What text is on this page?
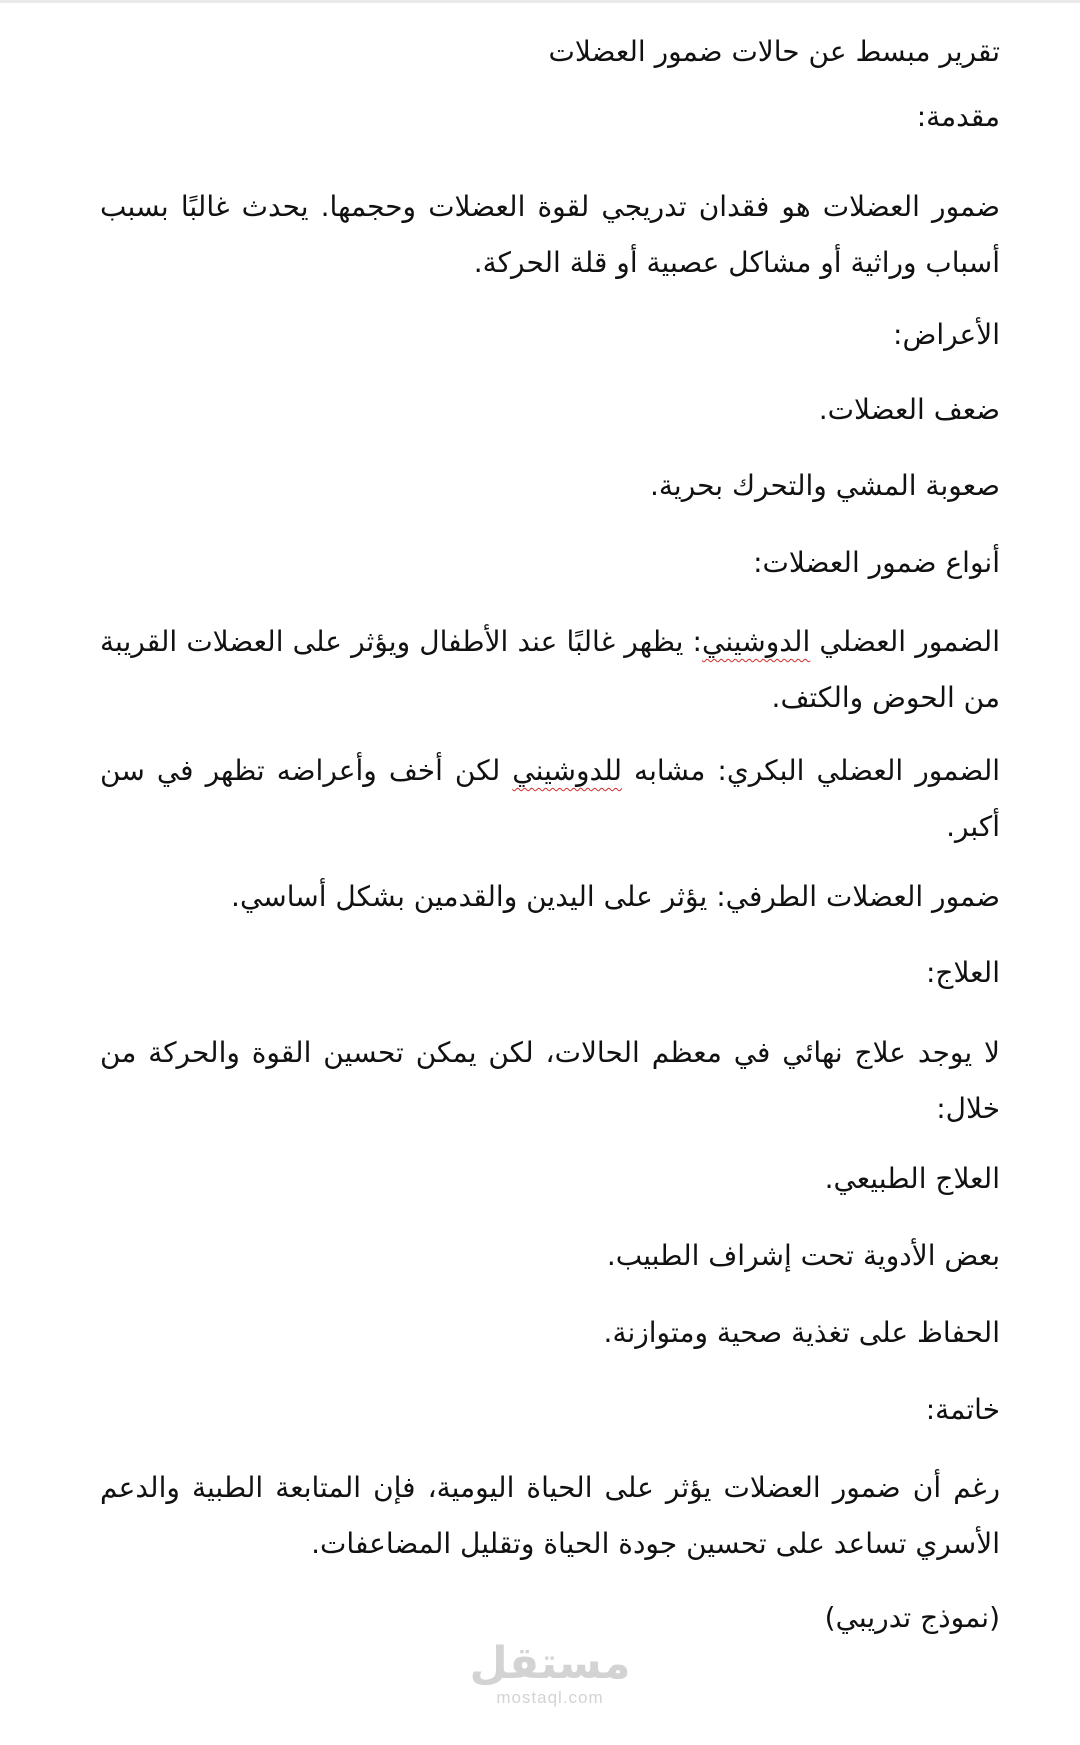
تقرير مبسط عن حالات ضمور العضلات
مقدمة:
ضمور العضلات هو فقدان تدريجي لقوة العضلات وحجمها. يحدث غالبًا بسبب أسباب وراثية أو مشاكل عصبية أو قلة الحركة.
الأعراض:
ضعف العضلات.
صعوبة المشي والتحرك بحرية.
أنواع ضمور العضلات:
الضمور العضلي الدوشيني: يظهر غالبًا عند الأطفال ويؤثر على العضلات القريبة من الحوض والكتف.
الضمور العضلي البكري: مشابه للدوشيني لكن أخف وأعراضه تظهر في سن أكبر.
ضمور العضلات الطرفي: يؤثر على اليدين والقدمين بشكل أساسي.
العلاج:
لا يوجد علاج نهائي في معظم الحالات، لكن يمكن تحسين القوة والحركة من خلال:
العلاج الطبيعي.
بعض الأدوية تحت إشراف الطبيب.
الحفاظ على تغذية صحية ومتوازنة.
خاتمة:
رغم أن ضمور العضلات يؤثر على الحياة اليومية، فإن المتابعة الطبية والدعم الأسري تساعد على تحسين جودة الحياة وتقليل المضاعفات.
(نموذج تدريبي)
مستقل
mostaql.com
